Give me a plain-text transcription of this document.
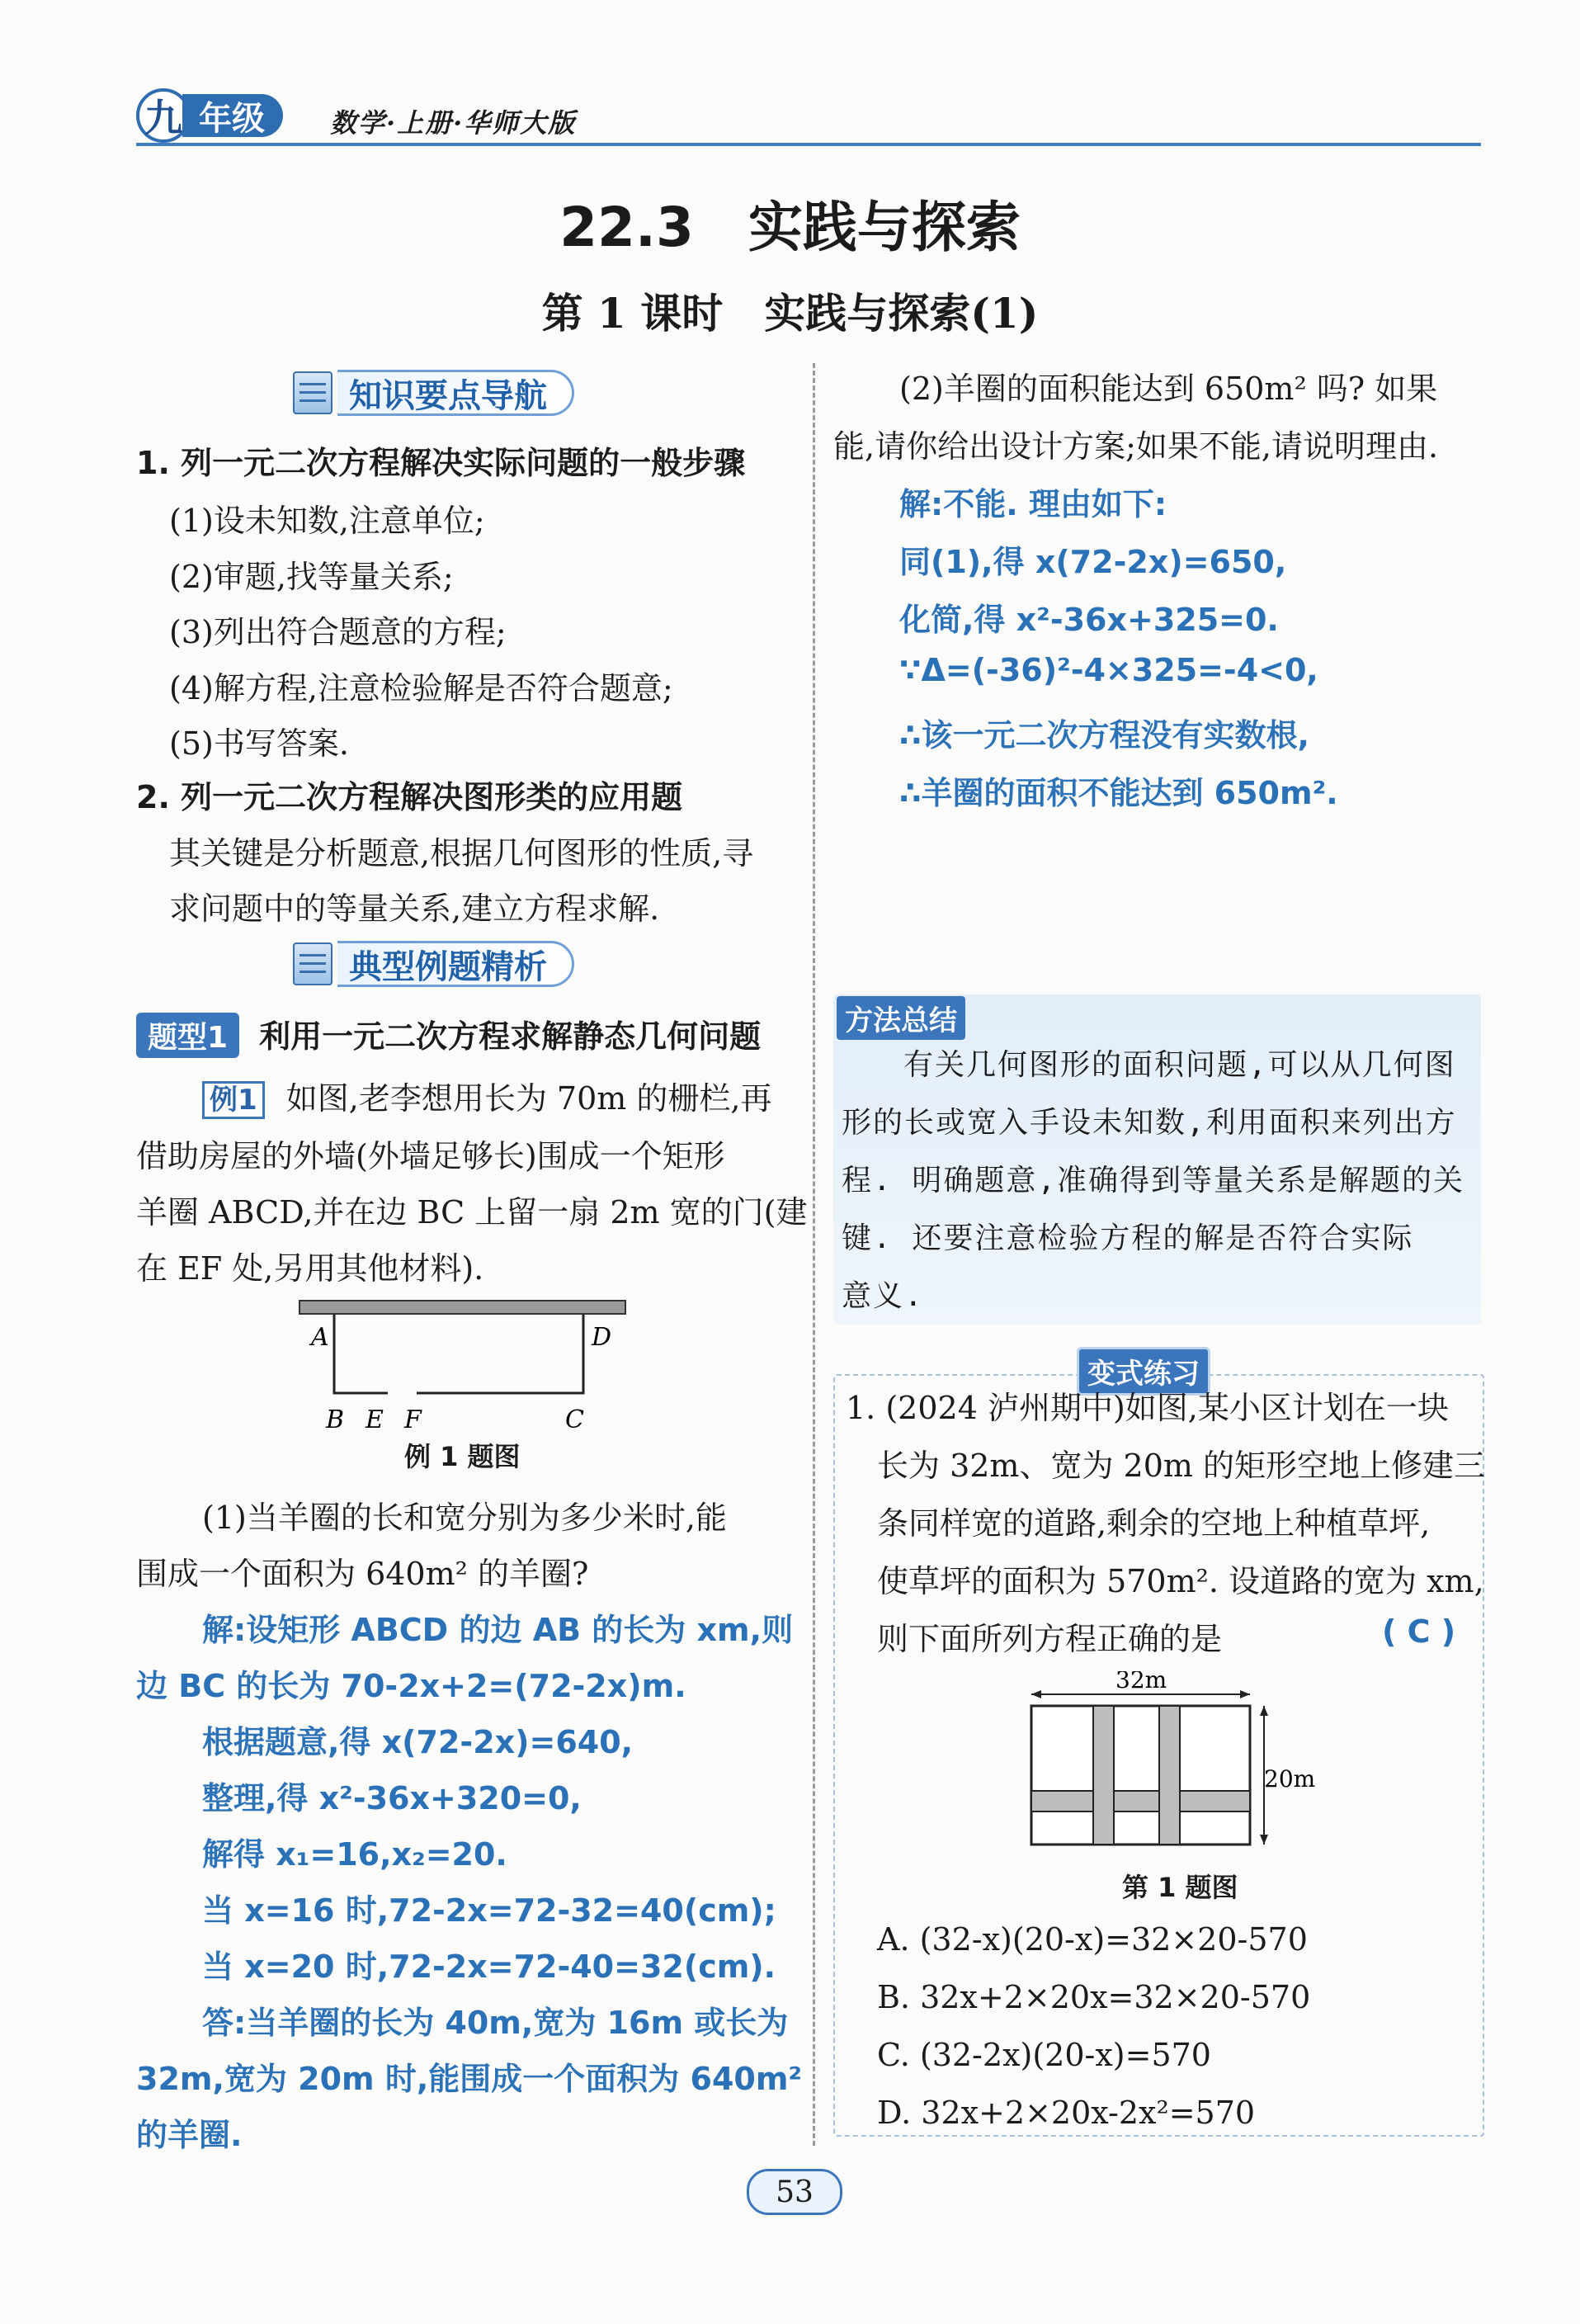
九 年级	数学·上册·华师大版
22.3　实践与探索
第 1 课时　实践与探索(1)
知识要点导航
1. 列一元二次方程解决实际问题的一般步骤
(1)设未知数,注意单位;
(2)审题,找等量关系;
(3)列出符合题意的方程;
(4)解方程,注意检验解是否符合题意;
(5)书写答案.
2. 列一元二次方程解决图形类的应用题
其关键是分析题意,根据几何图形的性质,寻
求问题中的等量关系,建立方程求解.
典型例题精析
题型1 利用一元二次方程求解静态几何问题
例1 如图,老李想用长为 70m 的栅栏,再
借助房屋的外墙(外墙足够长)围成一个矩形
羊圈 ABCD,并在边 BC 上留一扇 2m 宽的门(建
在 EF 处,另用其他材料).
A	D
B E F	C
例 1 题图
(1)当羊圈的长和宽分别为多少米时,能
围成一个面积为 640m² 的羊圈?
解:设矩形 ABCD 的边 AB 的长为 xm,则
边 BC 的长为 70-2x+2=(72-2x)m.
根据题意,得 x(72-2x)=640,
整理,得 x²-36x+320=0,
解得 x₁=16,x₂=20.
当 x=16 时,72-2x=72-32=40(cm);
当 x=20 时,72-2x=72-40=32(cm).
答:当羊圈的长为 40m,宽为 16m 或长为
32m,宽为 20m 时,能围成一个面积为 640m²
的羊圈.
(2)羊圈的面积能达到 650m² 吗? 如果
能,请你给出设计方案;如果不能,请说明理由.
解:不能. 理由如下:
同(1),得 x(72-2x)=650,
化简,得 x²-36x+325=0.
∵Δ=(-36)²-4×325=-4<0,
∴该一元二次方程没有实数根,
∴羊圈的面积不能达到 650m².
方法总结
有关几何图形的面积问题,可以从几何图
形的长或宽入手设未知数,利用面积来列出方
程. 明确题意,准确得到等量关系是解题的关
键. 还要注意检验方程的解是否符合实际
意义.
变式练习
1. (2024 泸州期中)如图,某小区计划在一块
长为 32m、宽为 20m 的矩形空地上修建三
条同样宽的道路,剩余的空地上种植草坪,
使草坪的面积为 570m². 设道路的宽为 xm,
则下面所列方程正确的是	( C )
32m
20m
第 1 题图
A. (32-x)(20-x)=32×20-570
B. 32x+2×20x=32×20-570
C. (32-2x)(20-x)=570
D. 32x+2×20x-2x²=570
53
